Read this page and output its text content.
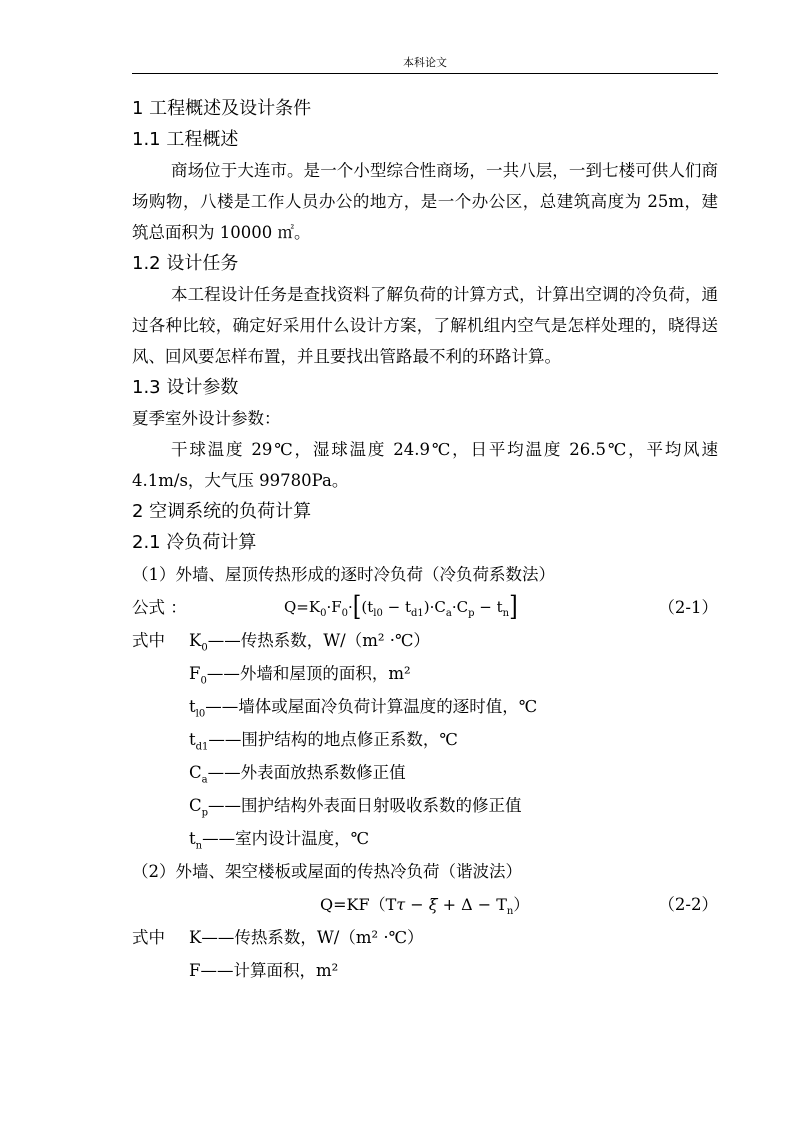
本科论文
1 工程概述及设计条件
1.1 工程概述
商场位于大连市。是一个小型综合性商场，一共八层，一到七楼可供人们商场购物，八楼是工作人员办公的地方，是一个办公区，总建筑高度为 25m，建筑总面积为 10000 ㎡。
1.2 设计任务
本工程设计任务是查找资料了解负荷的计算方式，计算出空调的冷负荷，通过各种比较，确定好采用什么设计方案，了解机组内空气是怎样处理的，晓得送风、回风要怎样布置，并且要找出管路最不利的环路计算。
1.3 设计参数
夏季室外设计参数：
干球温度 29℃，湿球温度 24.9℃，日平均温度 26.5℃，平均风速 4.1m/s，大气压 99780Pa。
2 空调系统的负荷计算
2.1 冷负荷计算
（1）外墙、屋顶传热形成的逐时冷负荷（冷负荷系数法）
公式 ：	$Q=K_0\cdot F_0\cdot[(t_{l0} - t_{d1})\cdot C_a\cdot C_p - t_n]$	（2-1）
式中 $K_0——$传热系数，W/（m² ·℃）
$F_0——$外墙和屋顶的面积，m²
$t_{l0}——$墙体或屋面冷负荷计算温度的逐时值，℃
$t_{d1}——$围护结构的地点修正系数，℃
$C_a——$外表面放热系数修正值
$C_p——$围护结构外表面日射吸收系数的修正值
$t_n——$室内设计温度，℃
（2）外墙、架空楼板或屋面的传热冷负荷（谐波法）
$Q=KF(T\tau - \xi + \Delta - T_n)$	（2-2）
式中 K——传热系数，W/（m² ·℃）
F——计算面积，m²
